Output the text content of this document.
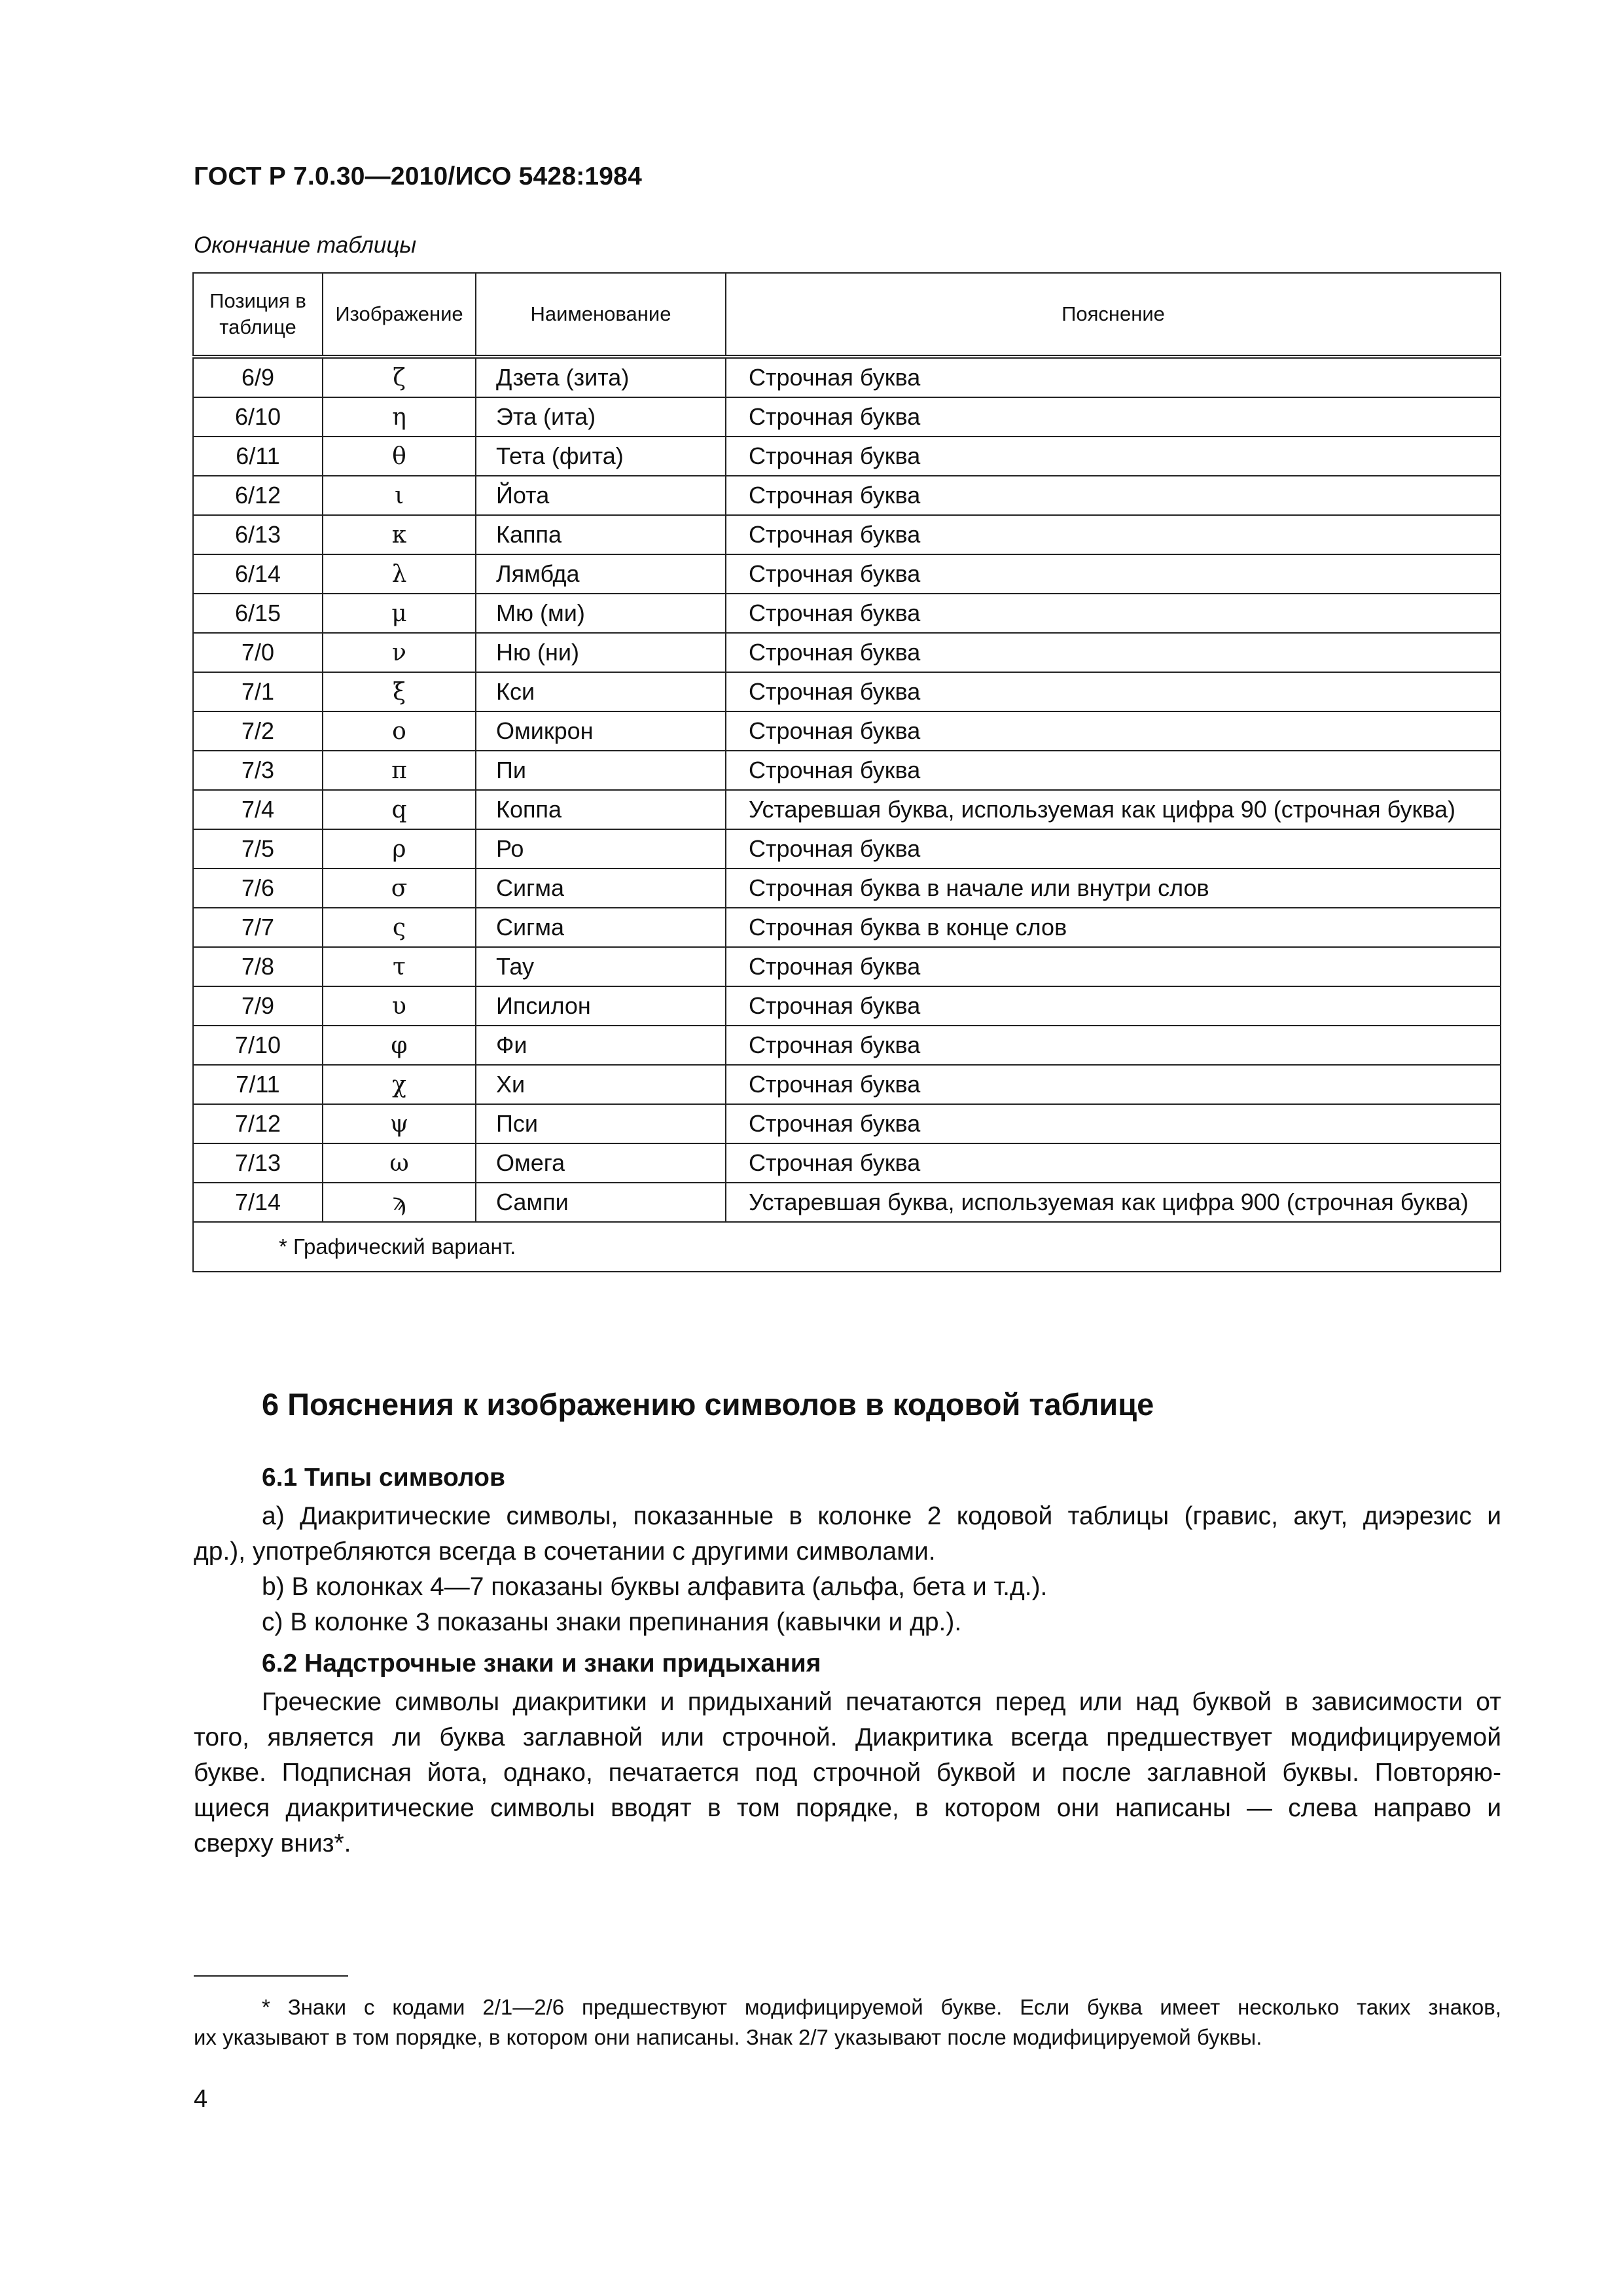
ГОСТ Р 7.0.30—2010/ИСО 5428:1984
Окончание таблицы
Позиция в таблице	Изображение	Наименование	Пояснение
6/9	ζ	Дзета (зита)	Строчная буква
6/10	η	Эта (ита)	Строчная буква
6/11	θ	Тета (фита)	Строчная буква
6/12	ι	Йота	Строчная буква
6/13	κ	Каппа	Строчная буква
6/14	λ	Лямбда	Строчная буква
6/15	μ	Мю (ми)	Строчная буква
7/0	ν	Ню (ни)	Строчная буква
7/1	ξ	Кси	Строчная буква
7/2	ο	Омикрон	Строчная буква
7/3	π	Пи	Строчная буква
7/4	q	Коппа	Устаревшая буква, используемая как цифра 90 (строчная буква)
7/5	ρ	Ро	Строчная буква
7/6	σ	Сигма	Строчная буква в начале или внутри слов
7/7	ς	Сигма	Строчная буква в конце слов
7/8	τ	Тау	Строчная буква
7/9	υ	Ипсилон	Строчная буква
7/10	φ	Фи	Строчная буква
7/11	χ	Хи	Строчная буква
7/12	ψ	Пси	Строчная буква
7/13	ω	Омега	Строчная буква
7/14	ϡ	Сампи	Устаревшая буква, используемая как цифра 900 (строчная буква)
* Графический вариант.			
6 Пояснения к изображению символов в кодовой таблице
6.1 Типы символов
a) Диакритические символы, показанные в колонке 2 кодовой таблицы (гравис, акут, диэрезис и
др.), употребляются всегда в сочетании с другими символами.
b) В колонках 4—7 показаны буквы алфавита (альфа, бета и т.д.).
c) В колонке 3 показаны знаки препинания (кавычки и др.).
6.2 Надстрочные знаки и знаки придыхания
Греческие символы диакритики и придыханий печатаются перед или над буквой в зависимости от
того, является ли буква заглавной или строчной. Диакритика всегда предшествует модифицируемой
букве. Подписная йота, однако, печатается под строчной буквой и после заглавной буквы. Повторяю-
щиеся диакритические символы вводят в том порядке, в котором они написаны — слева направо и
сверху вниз*.
* Знаки с кодами 2/1—2/6 предшествуют модифицируемой букве. Если буква имеет несколько таких знаков,
их указывают в том порядке, в котором они написаны. Знак 2/7 указывают после модифицируемой буквы.
4
